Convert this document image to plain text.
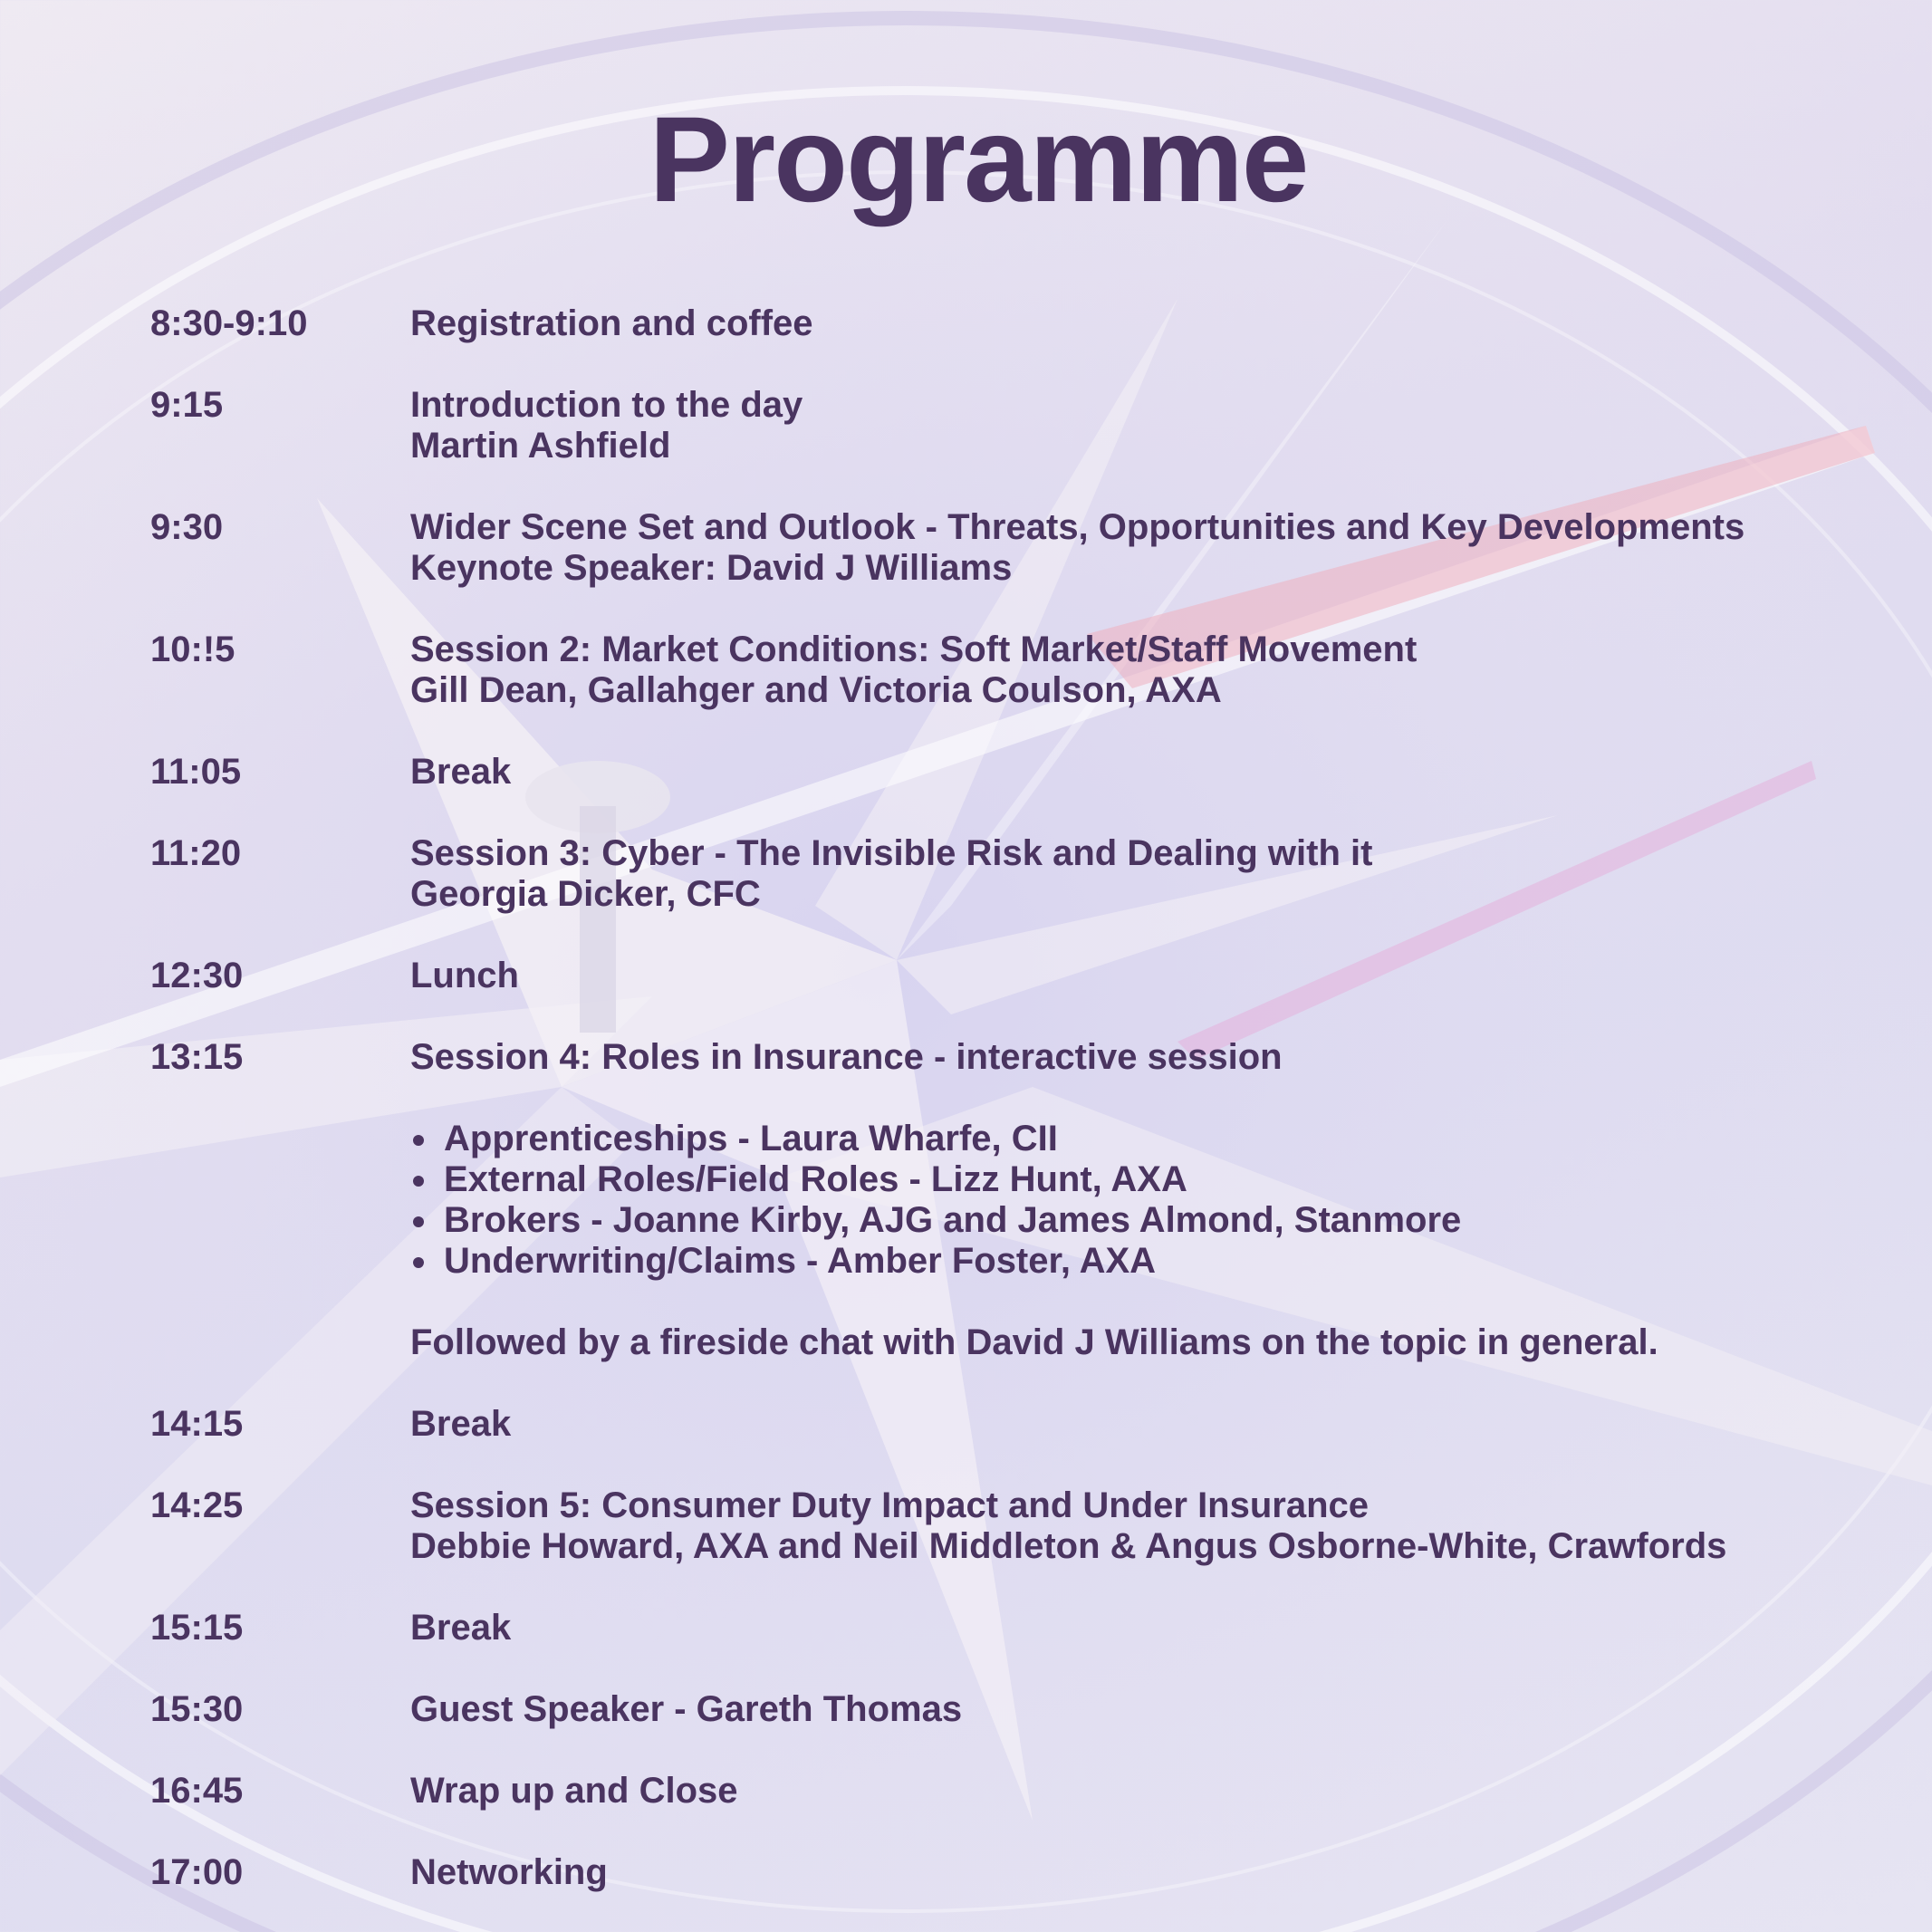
Programme
8:30-9:10	Registration and coffee
9:15	Introduction to the day
Martin Ashfield
9:30	Wider Scene Set and Outlook - Threats, Opportunities and Key Developments
Keynote Speaker: David J Williams
10:!5	Session 2: Market Conditions: Soft Market/Staff Movement
Gill Dean, Gallahger and Victoria Coulson, AXA
11:05	Break
11:20	Session 3: Cyber - The Invisible Risk and Dealing with it
Georgia Dicker, CFC
12:30	Lunch
13:15	Session 4: Roles in Insurance - interactive session
Apprenticeships - Laura Wharfe, CII
External Roles/Field Roles - Lizz Hunt, AXA
Brokers - Joanne Kirby, AJG and James Almond, Stanmore
Underwriting/Claims - Amber Foster, AXA
Followed by a fireside chat with David J Williams on the topic in general.
14:15	Break
14:25	Session 5: Consumer Duty Impact and Under Insurance
Debbie Howard, AXA and Neil Middleton & Angus Osborne-White, Crawfords
15:15	Break
15:30	Guest Speaker - Gareth Thomas
16:45	Wrap up and Close
17:00	Networking
